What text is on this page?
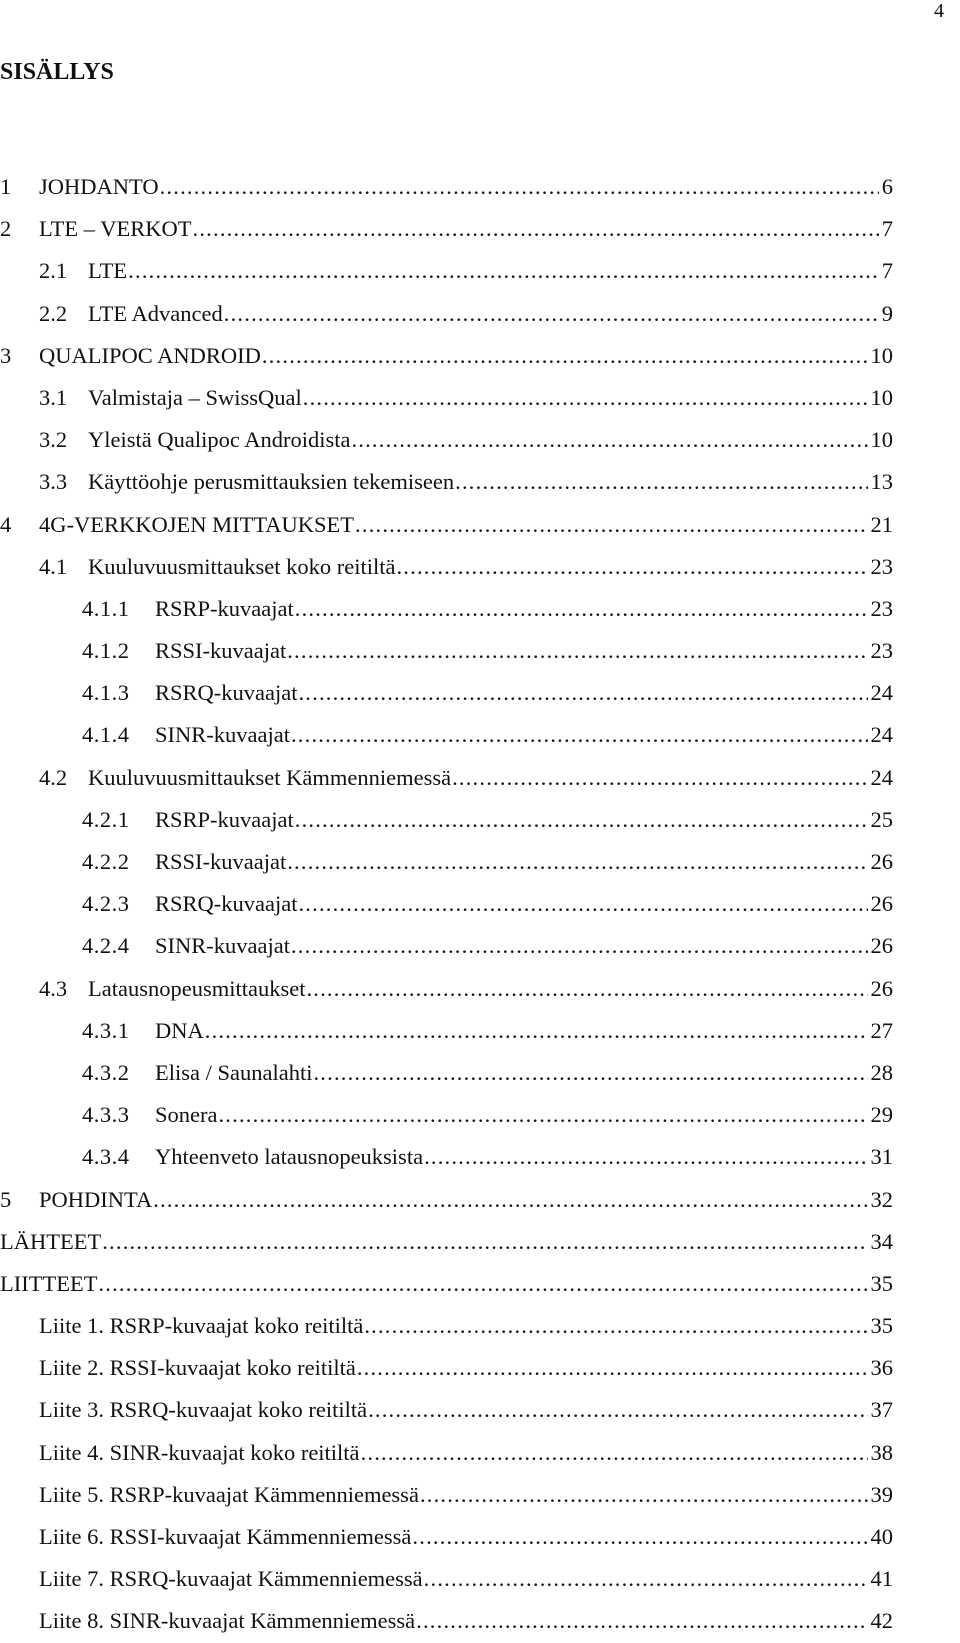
4
SISÄLLYS
1	JOHDANTO .....	6
2	LTE – VERKOT .....	7
2.1 LTE .....	7
2.2 LTE Advanced .....	9
3	QUALIPOC ANDROID .....	10
3.1 Valmistaja – SwissQual .....	10
3.2 Yleistä Qualipoc Androidista .....	10
3.3 Käyttöohje perusmittauksien tekemiseen .....	13
4	4G-VERKKOJEN MITTAUKSET .....	21
4.1 Kuuluvuusmittaukset koko reitiltä .....	23
4.1.1	RSRP-kuvaajat .....	23
4.1.2	RSSI-kuvaajat .....	23
4.1.3	RSRQ-kuvaajat .....	24
4.1.4	SINR-kuvaajat .....	24
4.2 Kuuluvuusmittaukset Kämmenniemessä .....	24
4.2.1	RSRP-kuvaajat .....	25
4.2.2	RSSI-kuvaajat .....	26
4.2.3	RSRQ-kuvaajat .....	26
4.2.4	SINR-kuvaajat .....	26
4.3 Latausnopeusmittaukset .....	26
4.3.1	DNA .....	27
4.3.2	Elisa / Saunalahti .....	28
4.3.3	Sonera .....	29
4.3.4	Yhteenveto latausnopeuksista .....	31
5	POHDINTA .....	32
LÄHTEET .....	34
LIITTEET .....	35
Liite 1. RSRP-kuvaajat koko reitiltä .....	35
Liite 2. RSSI-kuvaajat koko reitiltä .....	36
Liite 3. RSRQ-kuvaajat koko reitiltä .....	37
Liite 4. SINR-kuvaajat koko reitiltä .....	38
Liite 5. RSRP-kuvaajat Kämmenniemessä .....	39
Liite 6. RSSI-kuvaajat Kämmenniemessä .....	40
Liite 7. RSRQ-kuvaajat Kämmenniemessä .....	41
Liite 8. SINR-kuvaajat Kämmenniemessä .....	42
